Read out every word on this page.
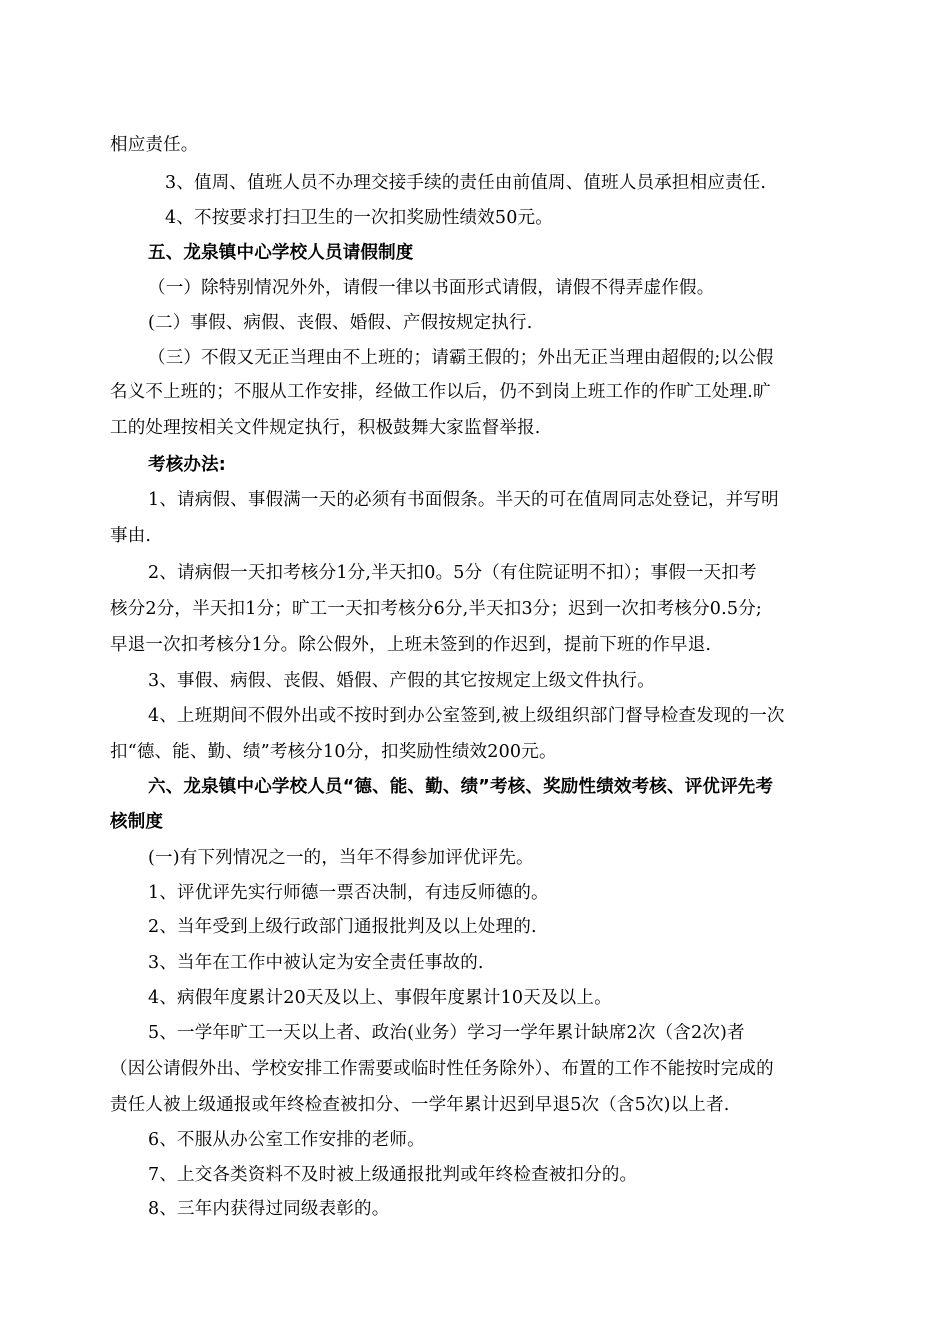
相应责任。
3、值周、值班人员不办理交接手续的责任由前值周、值班人员承担相应责任.
4、不按要求打扫卫生的一次扣奖励性绩效50元。
五、龙泉镇中心学校人员请假制度
（一）除特别情况外外，请假一律以书面形式请假，请假不得弄虚作假。
(二）事假、病假、丧假、婚假、产假按规定执行.
（三）不假又无正当理由不上班的；请霸王假的；外出无正当理由超假的;以公假
名义不上班的；不服从工作安排，经做工作以后，仍不到岗上班工作的作旷工处理.旷
工的处理按相关文件规定执行，积极鼓舞大家监督举报.
考核办法:
1、请病假、事假满一天的必须有书面假条。半天的可在值周同志处登记，并写明
事由.
2、请病假一天扣考核分1分,半天扣0。5分（有住院证明不扣）；事假一天扣考
核分2分，半天扣1分；旷工一天扣考核分6分,半天扣3分；迟到一次扣考核分0.5分;
早退一次扣考核分1分。除公假外，上班未签到的作迟到，提前下班的作早退.
3、事假、病假、丧假、婚假、产假的其它按规定上级文件执行。
4、上班期间不假外出或不按时到办公室签到,被上级组织部门督导检查发现的一次
扣“德、能、勤、绩”考核分10分，扣奖励性绩效200元。
六、龙泉镇中心学校人员“德、能、勤、绩”考核、奖励性绩效考核、评优评先考
核制度
(一)有下列情况之一的，当年不得参加评优评先。
1、评优评先实行师德一票否决制，有违反师德的。
2、当年受到上级行政部门通报批判及以上处理的.
3、当年在工作中被认定为安全责任事故的.
4、病假年度累计20天及以上、事假年度累计10天及以上。
5、一学年旷工一天以上者、政治(业务）学习一学年累计缺席2次（含2次)者
（因公请假外出、学校安排工作需要或临时性任务除外）、布置的工作不能按时完成的
责任人被上级通报或年终检查被扣分、一学年累计迟到早退5次（含5次)以上者.
6、不服从办公室工作安排的老师。
7、上交各类资料不及时被上级通报批判或年终检查被扣分的。
8、三年内获得过同级表彰的。
